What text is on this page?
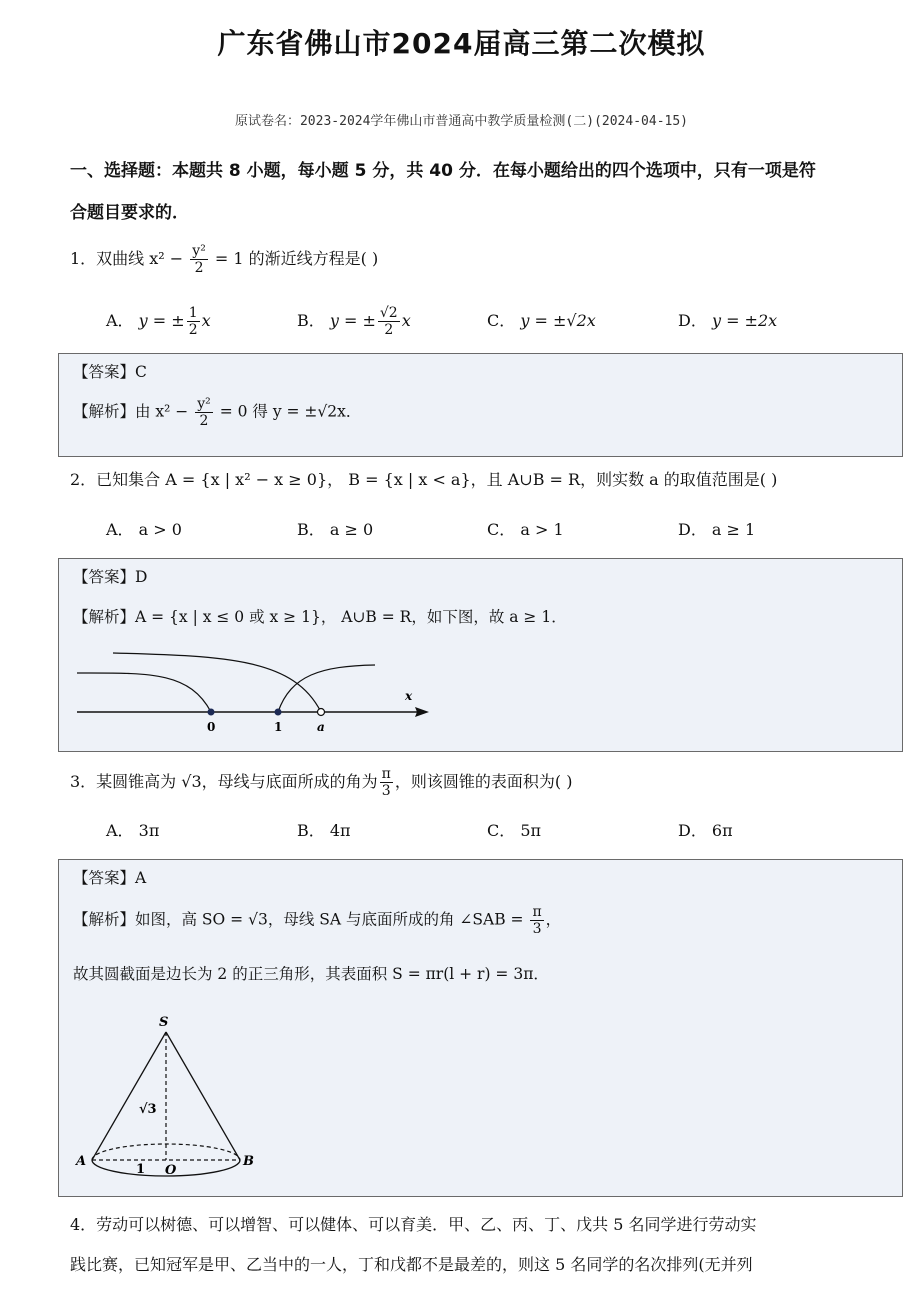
广东省佛山市2024届高三第二次模拟
原试卷名：2023-2024学年佛山市普通高中教学质量检测(二)(2024-04-15)
一、选择题：本题共 8 小题，每小题 5 分，共 40 分．在每小题给出的四个选项中，只有一项是符
合题目要求的．
1．双曲线 $x^2 - \frac{\text{y²}}{2} = 1$ 的渐近线方程是( )
A． y = ± $\frac{1}{2}$ x	B． y = ± $\frac{√2}{2}$ x	C． y = ±√2x	D． y = ±2x
【答案】C
【解析】由 $x^2 - \frac{\text{y²}}{2} = 0$ 得 y = ±√2x．
2．已知集合 A = {x | x² − x ≥ 0}， B = {x | x < a}，且 A∪B = R，则实数 a 的取值范围是( )
A． a > 0	B． a ≥ 0	C． a > 1	D． a ≥ 1
【答案】D
【解析】A = {x | x ≤ 0 或 x ≥ 1}， A∪B = R，如下图，故 a ≥ 1．
x
0	1	a
3．某圆锥高为 √3，母线与底面所成的角为 $\frac{\pi}{3}$ ，则该圆锥的表面积为( )
A． 3π	B． 4π	C． 5π	D． 6π
【答案】A
【解析】如图，高 SO = √3，母线 SA 与底面所成的角 ∠SAB = $\frac{\pi}{3}$ ，
故其圆截面是边长为 2 的正三角形，其表面积 S = πr(l + r) = 3π．
S
A	B
O
1
√3
4．劳动可以树德、可以增智、可以健体、可以育美．甲、乙、丙、丁、戊共 5 名同学进行劳动实
践比赛，已知冠军是甲、乙当中的一人，丁和戊都不是最差的，则这 5 名同学的名次排列(无并列
